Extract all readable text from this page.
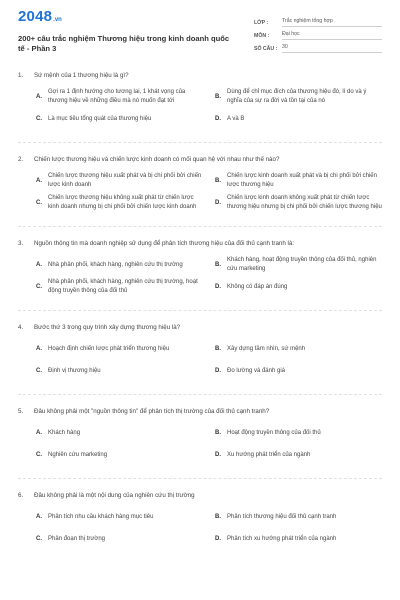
2048 .vn
200+ câu trắc nghiệm Thương hiệu trong kinh doanh quốc tế - Phần 3
LỚP :	Trắc nghiệm tổng hợp
MÔN :	Đại học
SỐ CÂU : 30
1.	Sứ mệnh của 1 thương hiệu là gì?
A.
Gợi ra 1 định hướng cho tương lai, 1 khát vọng của thương hiệu về những điều mà nó muốn đạt tới
B.
Dùng để chỉ mục đích của thương hiệu đó, lí do và ý nghĩa của sự ra đời và tồn tại của nó
C.	Là mục tiêu tổng quát của thương hiệu	D.	A và B
2.	Chiến lược thương hiệu và chiến lược kinh doanh có mối quan hệ với nhau như thế nào?
A.
Chiến lược thương hiệu xuất phát và bị chi phối bởi chiến lược kinh doanh
B.
Chiến lược kinh doanh xuất phát và bị chi phối bởi chiến lược thương hiệu
C.
Chiến lược thương hiệu không xuất phát từ chiến lược kinh doanh nhưng bị chi phối bởi chiến lược kinh doanh
D.
Chiến lược kinh doanh không xuất phát từ chiến lược thương hiệu nhưng bị chi phối bởi chiến lược thương hiệu
3.	Nguồn thông tin mà doanh nghiệp sử dụng để phân tích thương hiệu của đối thủ cạnh tranh là:
A.	Nhà phân phối, khách hàng, nghiên cứu thị trường	B.
Khách hàng, hoạt động truyền thông của đối thủ, nghiên cứu marketing
C.
Nhà phân phối, khách hàng, nghiên cứu thị trường, hoạt động truyền thông của đối thủ
D.	Không có đáp án đúng
4.	Bước thứ 3 trong quy trình xây dựng thương hiệu là?
A.	Hoạch định chiến lược phát triển thương hiệu	B.	Xây dựng tầm nhìn, sứ mệnh
C.	Định vị thương hiệu	D.	Đo lường và đánh giá
5.	Đâu không phải một "nguồn thông tin" để phân tích thị trường của đối thủ cạnh tranh?
A.	Khách hàng	B.	Hoạt động truyền thông của đối thủ
C.	Nghiên cứu marketing	D.	Xu hướng phát triển của ngành
6.	Đâu không phải là một nội dung của nghiên cứu thị trường
A.	Phân tích nhu cầu khách hàng mục tiêu	B.	Phân tích thương hiệu đối thủ cạnh tranh
C.	Phân đoạn thị trường	D.	Phân tích xu hướng phát triển của ngành
